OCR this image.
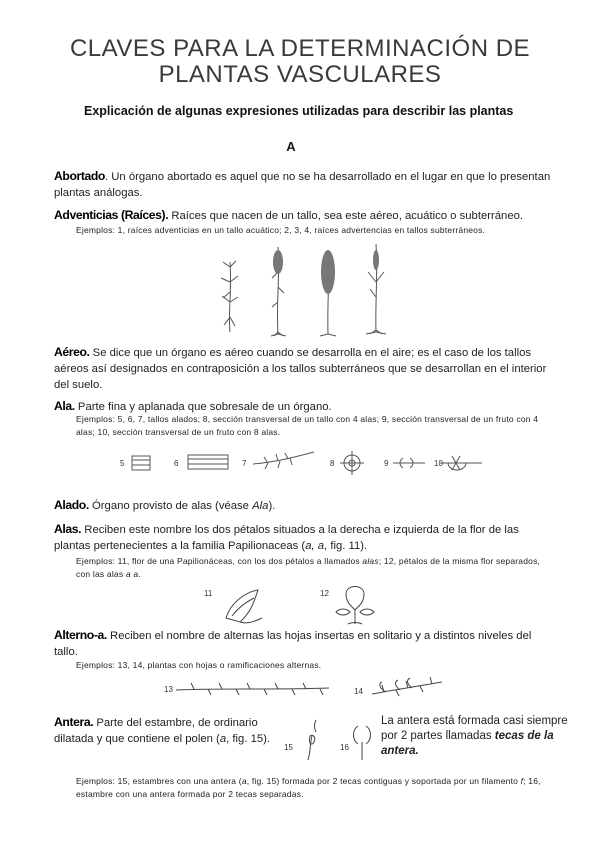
CLAVES PARA LA DETERMINACIÓN DE
PLANTAS VASCULARES
Explicación de algunas expresiones utilizadas para describir las plantas
A
Abortado. Un órgano abortado es aquel que no se ha desarrollado en el lugar en que lo presentan plantas análogas.
Adventicias (Raíces). Raíces que nacen de un tallo, sea este aéreo, acuático o subterráneo.
Ejemplos: 1, raíces adventicias en un tallo acuático; 2, 3, 4, raíces advertencias en tallos subterráneos.
Aéreo. Se dice que un órgano es aéreo cuando se desarrolla en el aire; es el caso de los tallos aéreos así designados en contraposición a los tallos subterráneos que se desarrollan en el interior del suelo.
Ala. Parte fina y aplanada que sobresale de un órgano.
Ejemplos: 5, 6, 7, tallos alados; 8, sección transversal de un tallo con 4 alas; 9, sección transversal de un fruto con 4 alas; 10, sección transversal de un fruto con 8 alas.
5	6	7	8	9	10
Alado. Órgano provisto de alas (véase Ala).
Alas. Reciben este nombre los dos pétalos situados a la derecha e izquierda de la flor de las plantas pertenecientes a la familia Papilionaceas (a, a, fig. 11).
Ejemplos: 11, flor de una Papilionáceas, con los dos pétalos a llamados alas; 12, pétalos de la misma flor separados, con las alas a a.
11	12
Alterno-a. Reciben el nombre de alternas las hojas insertas en solitario y a distintos niveles del tallo.
Ejemplos: 13, 14, plantas con hojas o ramificaciones alternas.
13	14
Antera. Parte del estambre, de ordinario dilatada y que contiene el polen (a, fig. 15).
15	16
La antera está formada casi siempre por 2 partes llamadas tecas de la antera.
Ejemplos: 15, estambres con una antera (a, fig. 15) formada por 2 tecas contiguas y soportada por un filamento f; 16, estambre con una antera formada por 2 tecas separadas.
